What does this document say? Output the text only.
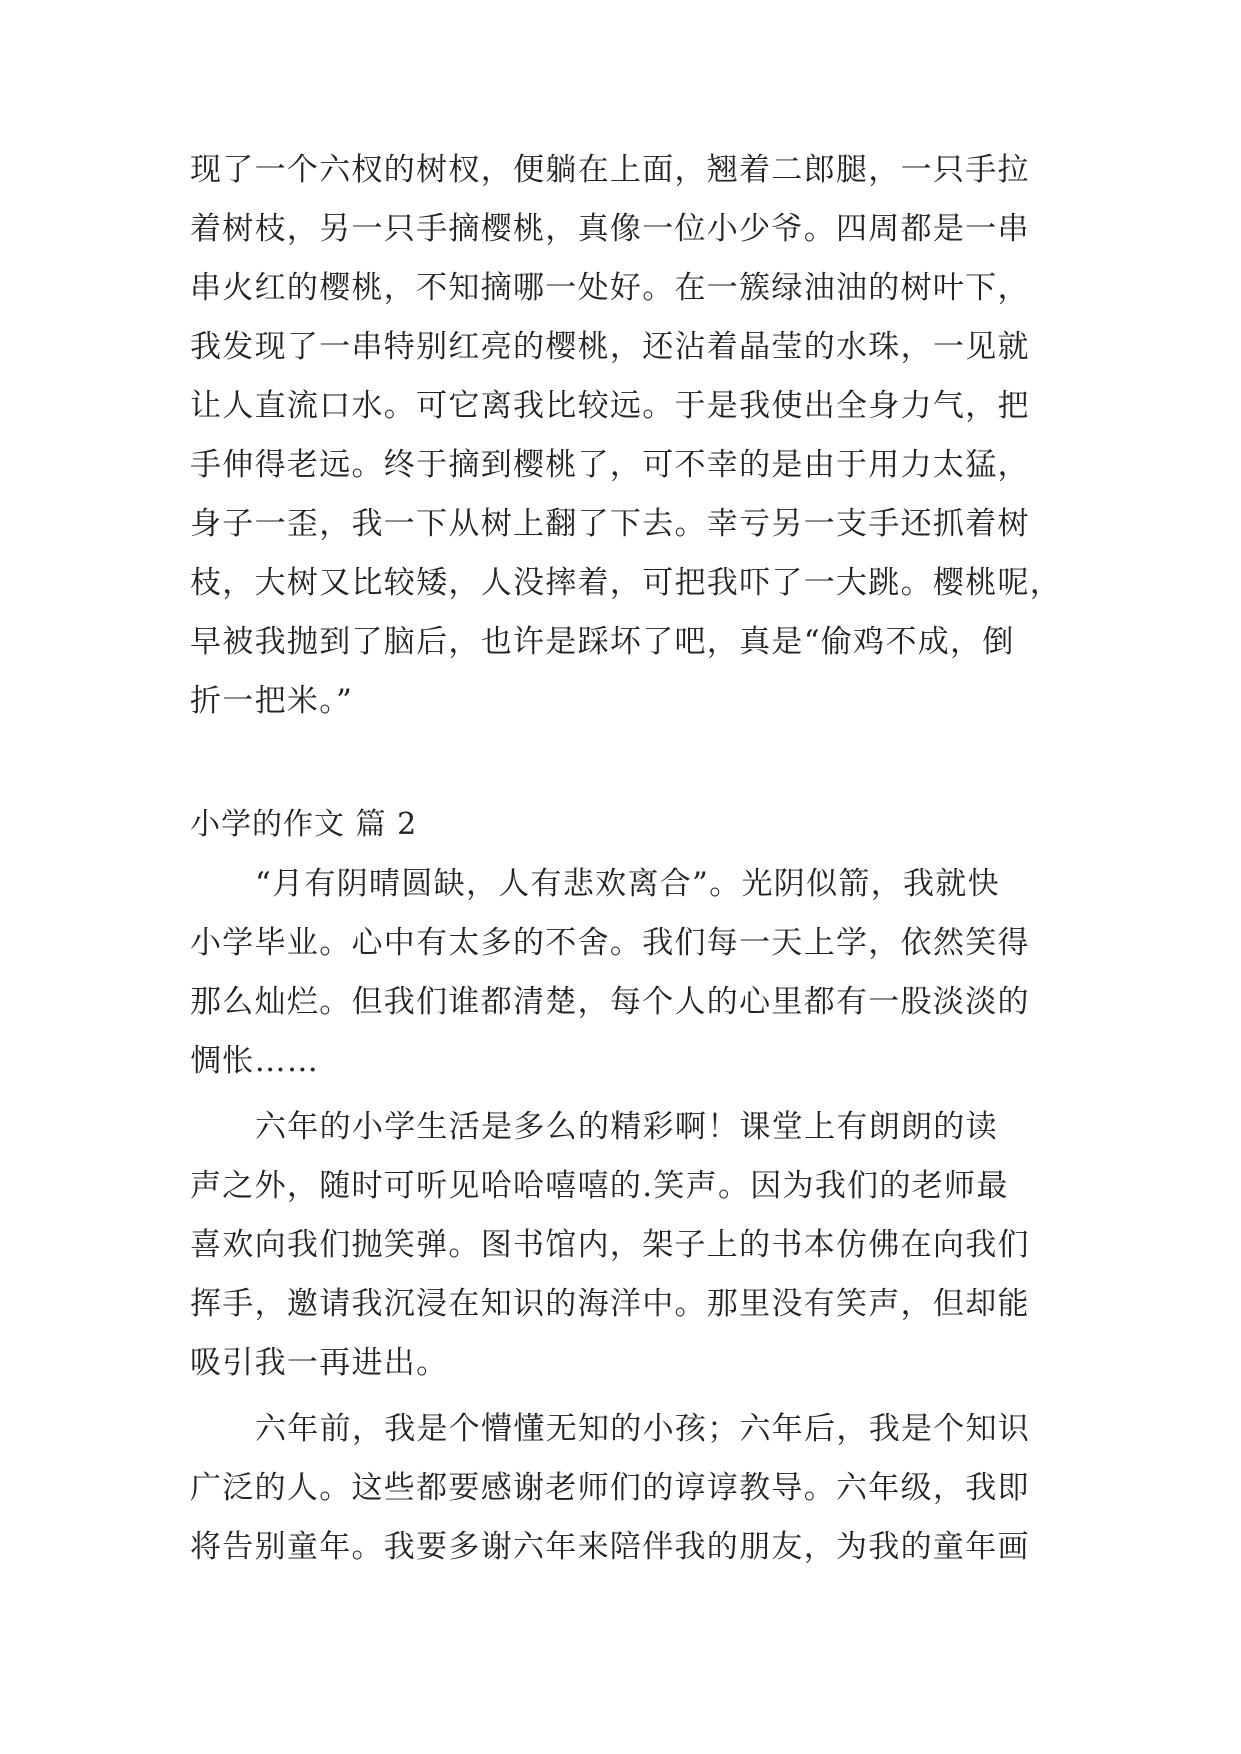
现了一个六杈的树杈，便躺在上面，翘着二郎腿，一只手拉
着树枝，另一只手摘樱桃，真像一位小少爷。四周都是一串
串火红的樱桃，不知摘哪一处好。在一簇绿油油的树叶下，
我发现了一串特别红亮的樱桃，还沾着晶莹的水珠，一见就
让人直流口水。可它离我比较远。于是我使出全身力气，把
手伸得老远。终于摘到樱桃了，可不幸的是由于用力太猛，
身子一歪，我一下从树上翻了下去。幸亏另一支手还抓着树
枝，大树又比较矮，人没摔着，可把我吓了一大跳。樱桃呢，
早被我抛到了脑后，也许是踩坏了吧，真是“偷鸡不成，倒
折一把米。”
小学的作文 篇 2
“月有阴晴圆缺，人有悲欢离合”。光阴似箭，我就快
小学毕业。心中有太多的不舍。我们每一天上学，依然笑得
那么灿烂。但我们谁都清楚，每个人的心里都有一股淡淡的
惆怅……
六年的小学生活是多么的精彩啊！课堂上有朗朗的读
声之外，随时可听见哈哈嘻嘻的.笑声。因为我们的老师最
喜欢向我们抛笑弹。图书馆内，架子上的书本仿佛在向我们
挥手，邀请我沉浸在知识的海洋中。那里没有笑声，但却能
吸引我一再进出。
六年前，我是个懵懂无知的小孩；六年后，我是个知识
广泛的人。这些都要感谢老师们的谆谆教导。六年级，我即
将告别童年。我要多谢六年来陪伴我的朋友，为我的童年画
